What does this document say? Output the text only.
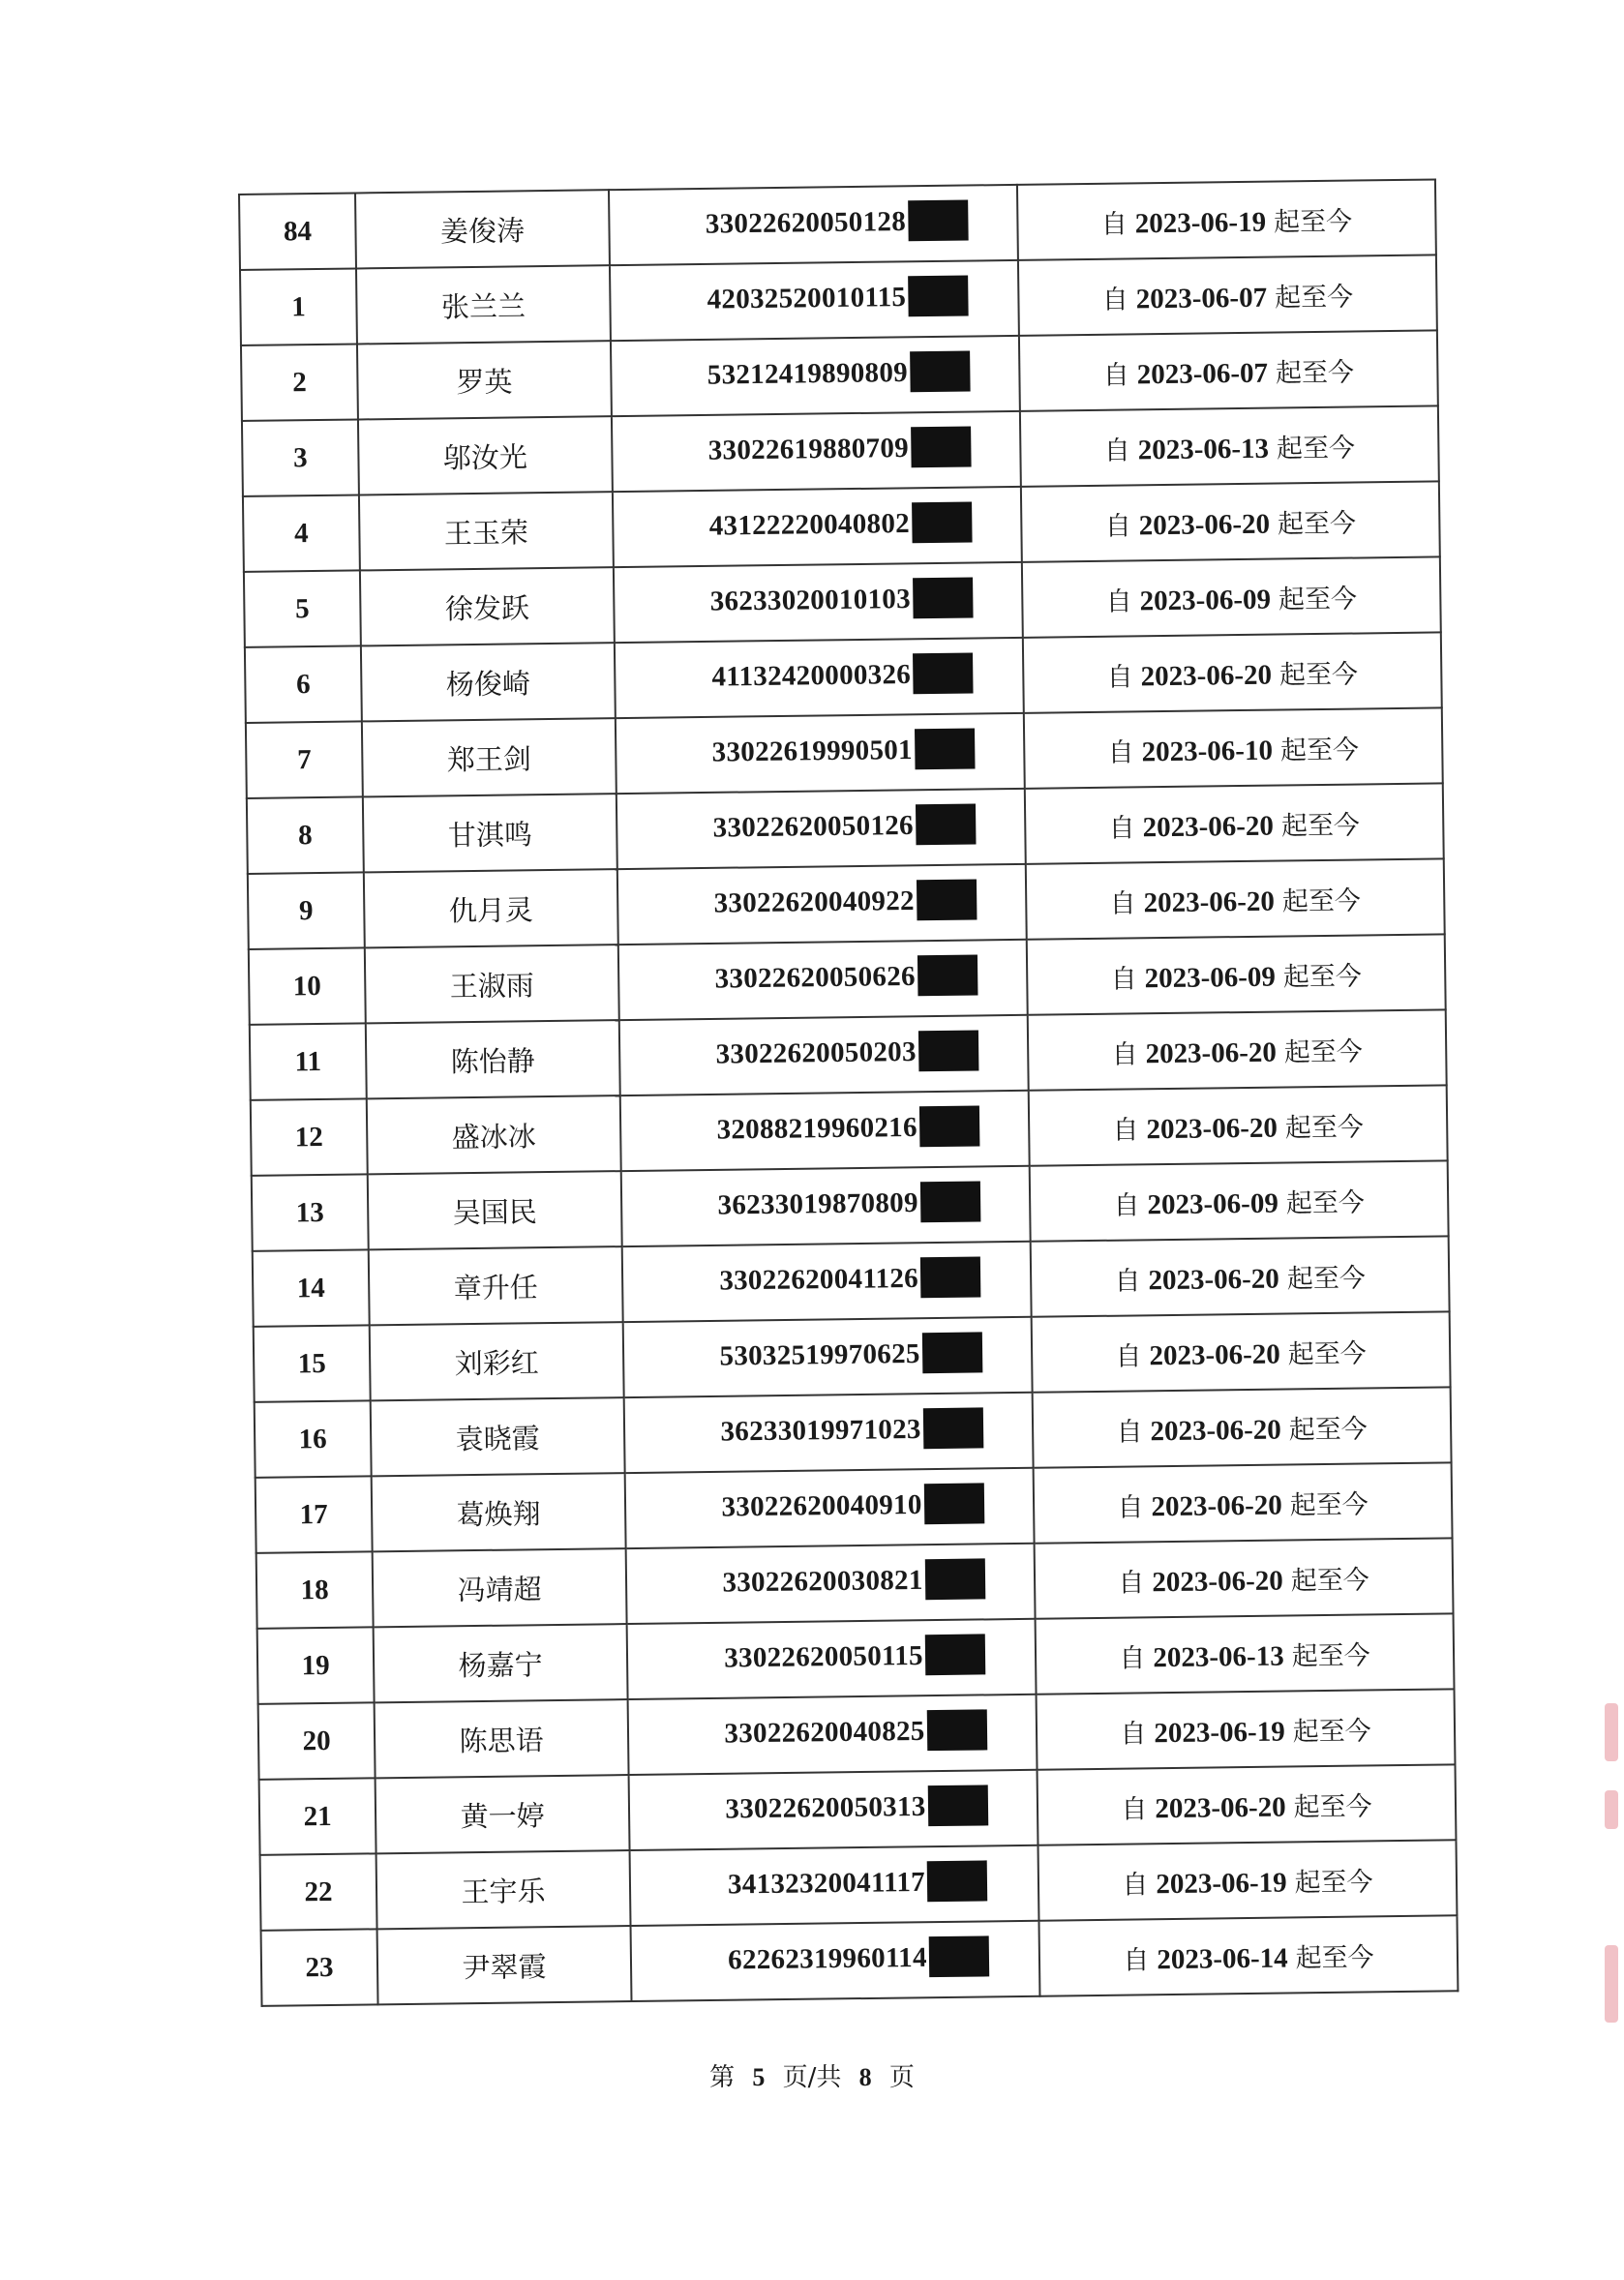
84	姜俊涛	33022620050128	自 2023-06-19 起至今
1	张兰兰	42032520010115	自 2023-06-07 起至今
2	罗英	53212419890809	自 2023-06-07 起至今
3	邬汝光	33022619880709	自 2023-06-13 起至今
4	王玉荣	43122220040802	自 2023-06-20 起至今
5	徐发跃	36233020010103	自 2023-06-09 起至今
6	杨俊崎	41132420000326	自 2023-06-20 起至今
7	郑王剑	33022619990501	自 2023-06-10 起至今
8	甘淇鸣	33022620050126	自 2023-06-20 起至今
9	仇月灵	33022620040922	自 2023-06-20 起至今
10	王淑雨	33022620050626	自 2023-06-09 起至今
11	陈怡静	33022620050203	自 2023-06-20 起至今
12	盛冰冰	32088219960216	自 2023-06-20 起至今
13	吴国民	36233019870809	自 2023-06-09 起至今
14	章升任	33022620041126	自 2023-06-20 起至今
15	刘彩红	53032519970625	自 2023-06-20 起至今
16	袁晓霞	36233019971023	自 2023-06-20 起至今
17	葛焕翔	33022620040910	自 2023-06-20 起至今
18	冯靖超	33022620030821	自 2023-06-20 起至今
19	杨嘉宁	33022620050115	自 2023-06-13 起至今
20	陈思语	33022620040825	自 2023-06-19 起至今
21	黄一婷	33022620050313	自 2023-06-20 起至今
22	王宇乐	34132320041117	自 2023-06-19 起至今
23	尹翠霞	62262319960114	自 2023-06-14 起至今
第 5 页/共 8 页
